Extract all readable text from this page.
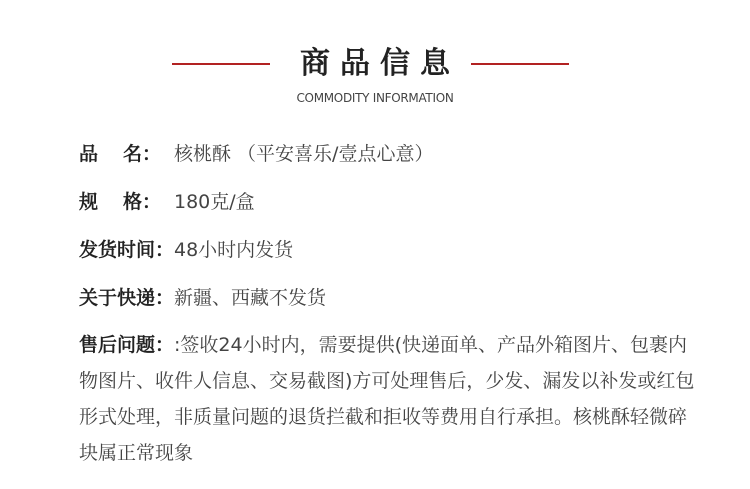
商品信息
COMMODITY INFORMATION
品 名： 核桃酥 （平安喜乐/壹点心意）
规 格： 180克/盒
发货时间： 48小时内发货
关于快递： 新疆、西藏不发货
售后问题：:签收24小时内，需要提供(快递面单、产品外箱图片、包裹内物图片、收件人信息、交易截图)方可处理售后，少发、漏发以补发或红包形式处理，非质量问题的退货拦截和拒收等费用自行承担。核桃酥轻微碎块属正常现象
